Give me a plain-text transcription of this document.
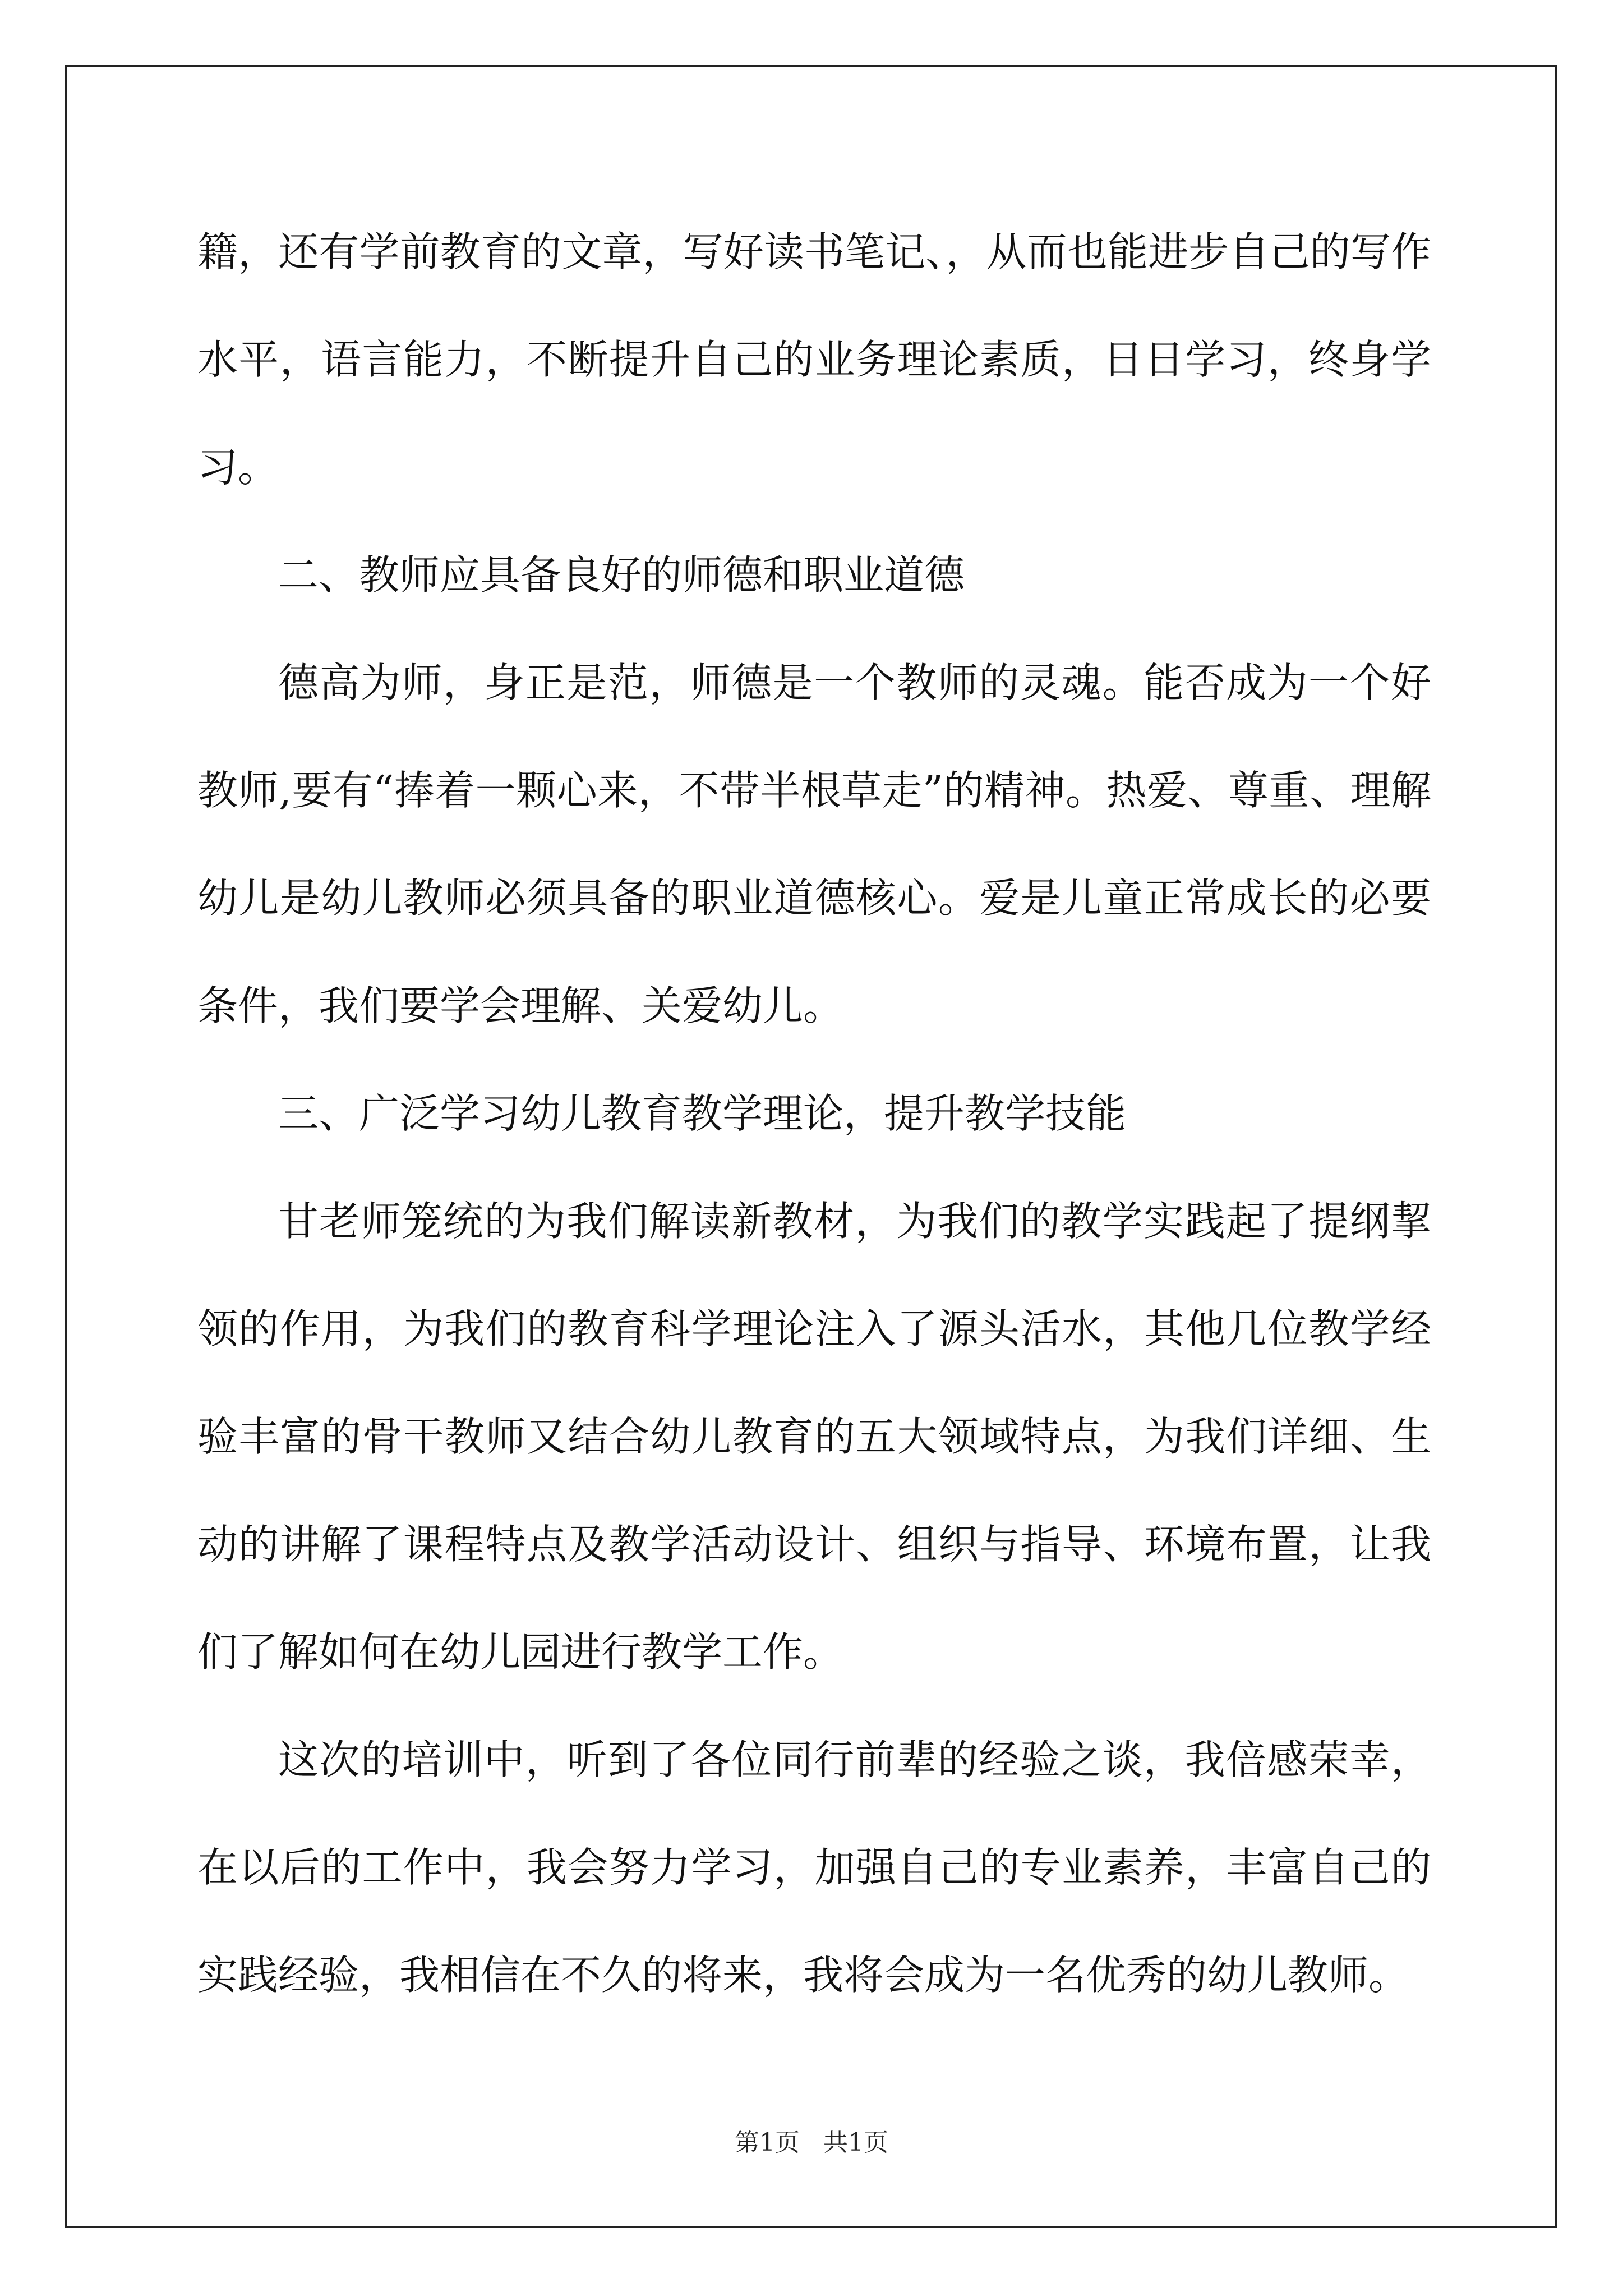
籍，还有学前教育的文章，写好读书笔记、，从而也能进步自己的写作水平，语言能力，不断提升自己的业务理论素质，日日学习，终身学习。

二、教师应具备良好的师德和职业道德

德高为师，身正是范，师德是一个教师的灵魂。能否成为一个好教师,要有“捧着一颗心来，不带半根草走”的精神。热爱、尊重、理解幼儿是幼儿教师必须具备的职业道德核心。爱是儿童正常成长的必要条件，我们要学会理解、关爱幼儿。

三、广泛学习幼儿教育教学理论，提升教学技能

甘老师笼统的为我们解读新教材，为我们的教学实践起了提纲挈领的作用，为我们的教育科学理论注入了源头活水，其他几位教学经验丰富的骨干教师又结合幼儿教育的五大领域特点，为我们详细、生动的讲解了课程特点及教学活动设计、组织与指导、环境布置，让我们了解如何在幼儿园进行教学工作。

这次的培训中，听到了各位同行前辈的经验之谈，我倍感荣幸，在以后的工作中，我会努力学习，加强自己的专业素养，丰富自己的实践经验，我相信在不久的将来，我将会成为一名优秀的幼儿教师。

第1页 共1页
